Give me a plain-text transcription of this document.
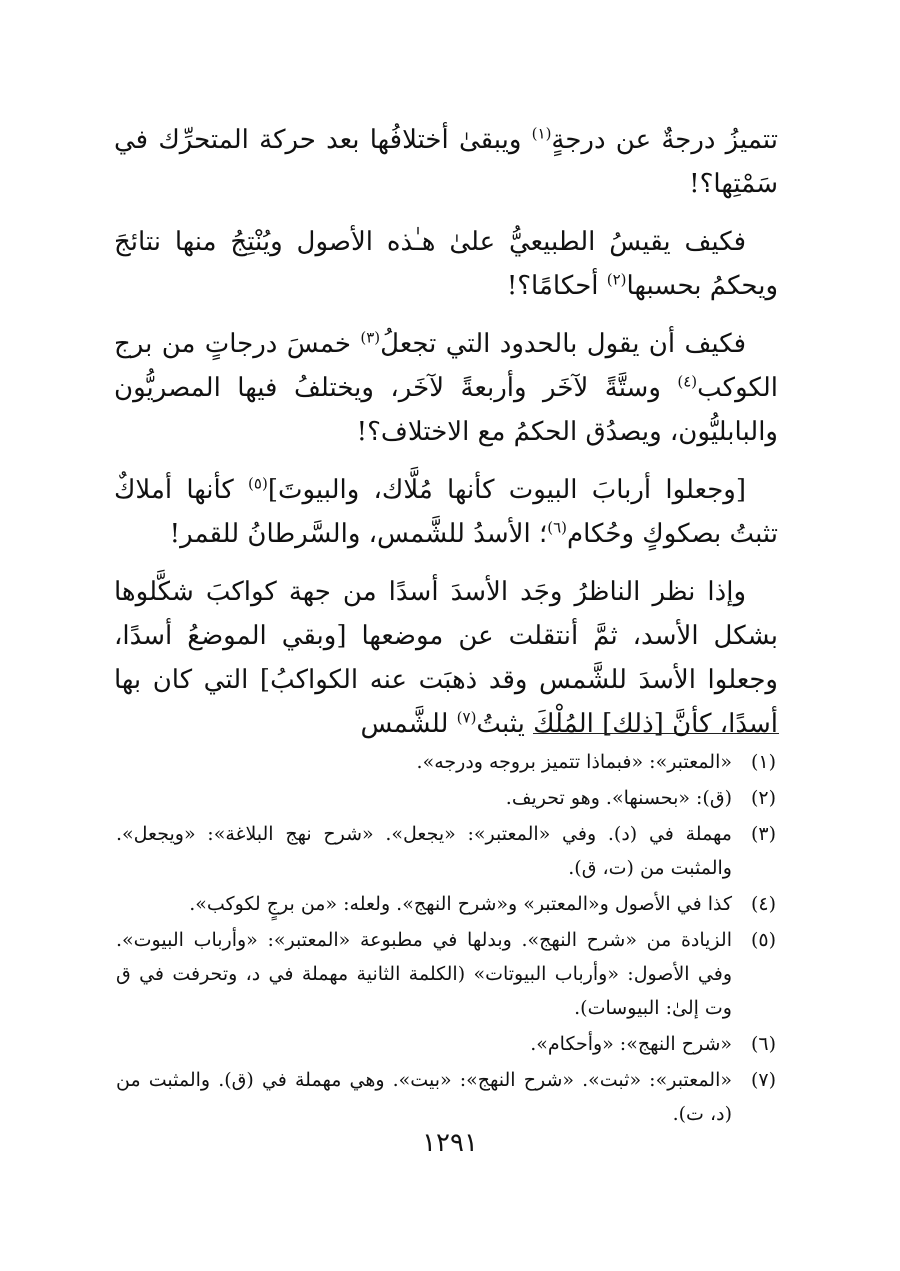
تتميزُ درجةٌ عن درجةٍ$^{(١)}$ ويبقىٰ أختلافُها بعد حركة المتحرِّك في سَمْتِها؟!

فكيف يقيسُ الطبيعيُّ علىٰ هـٰذه الأصول ويُنْتِجُ منها نتائجَ ويحكمُ بحسبها$^{(٢)}$ أحكامًا؟!

فكيف أن يقول بالحدود التي تجعلُ$^{(٣)}$ خمسَ درجاتٍ من برج الكوكب$^{(٤)}$ وستَّةً لآخَر وأربعةً لآخَر، ويختلفُ فيها المصريُّون والبابليُّون، ويصدُق الحكمُ مع الاختلاف؟!

[وجعلوا أربابَ البيوت كأنها مُلَّاك، والبيوتَ]$^{(٥)}$ كأنها أملاكٌ تثبتُ بصكوكٍ وحُكام$^{(٦)}$؛ الأسدُ للشَّمس، والسَّرطانُ للقمر!

وإذا نظر الناظرُ وجَد الأسدَ أسدًا من جهة كواكبَ شكَّلوها بشكل الأسد، ثمَّ أنتقلت عن موضعها [وبقي الموضعُ أسدًا، وجعلوا الأسدَ للشَّمس وقد ذهبَت عنه الكواكبُ] التي كان بها أسدًا، كأنَّ [ذلك] المُلْكَ يثبتُ$^{(٧)}$ للشَّمس

(١)
«المعتبر»: «فبماذا تتميز بروجه ودرجه».
(٢)
(ق): «بحسنها». وهو تحريف.
(٣)
مهملة في (د). وفي «المعتبر»: «يجعل». «شرح نهج البلاغة»: «ويجعل». والمثبت من (ت، ق).
(٤)
كذا في الأصول و«المعتبر» و«شرح النهج». ولعله: «من برجٍ لكوكب».
(٥)
الزيادة من «شرح النهج». وبدلها في مطبوعة «المعتبر»: «وأرباب البيوت». وفي الأصول: «وأرباب البيوتات» (الكلمة الثانية مهملة في د، وتحرفت في ق وت إلىٰ: البيوسات).
(٦)
«شرح النهج»: «وأحكام».
(٧)
«المعتبر»: «ثبت». «شرح النهج»: «بيت». وهي مهملة في (ق). والمثبت من (د، ت).
١٢٩١
